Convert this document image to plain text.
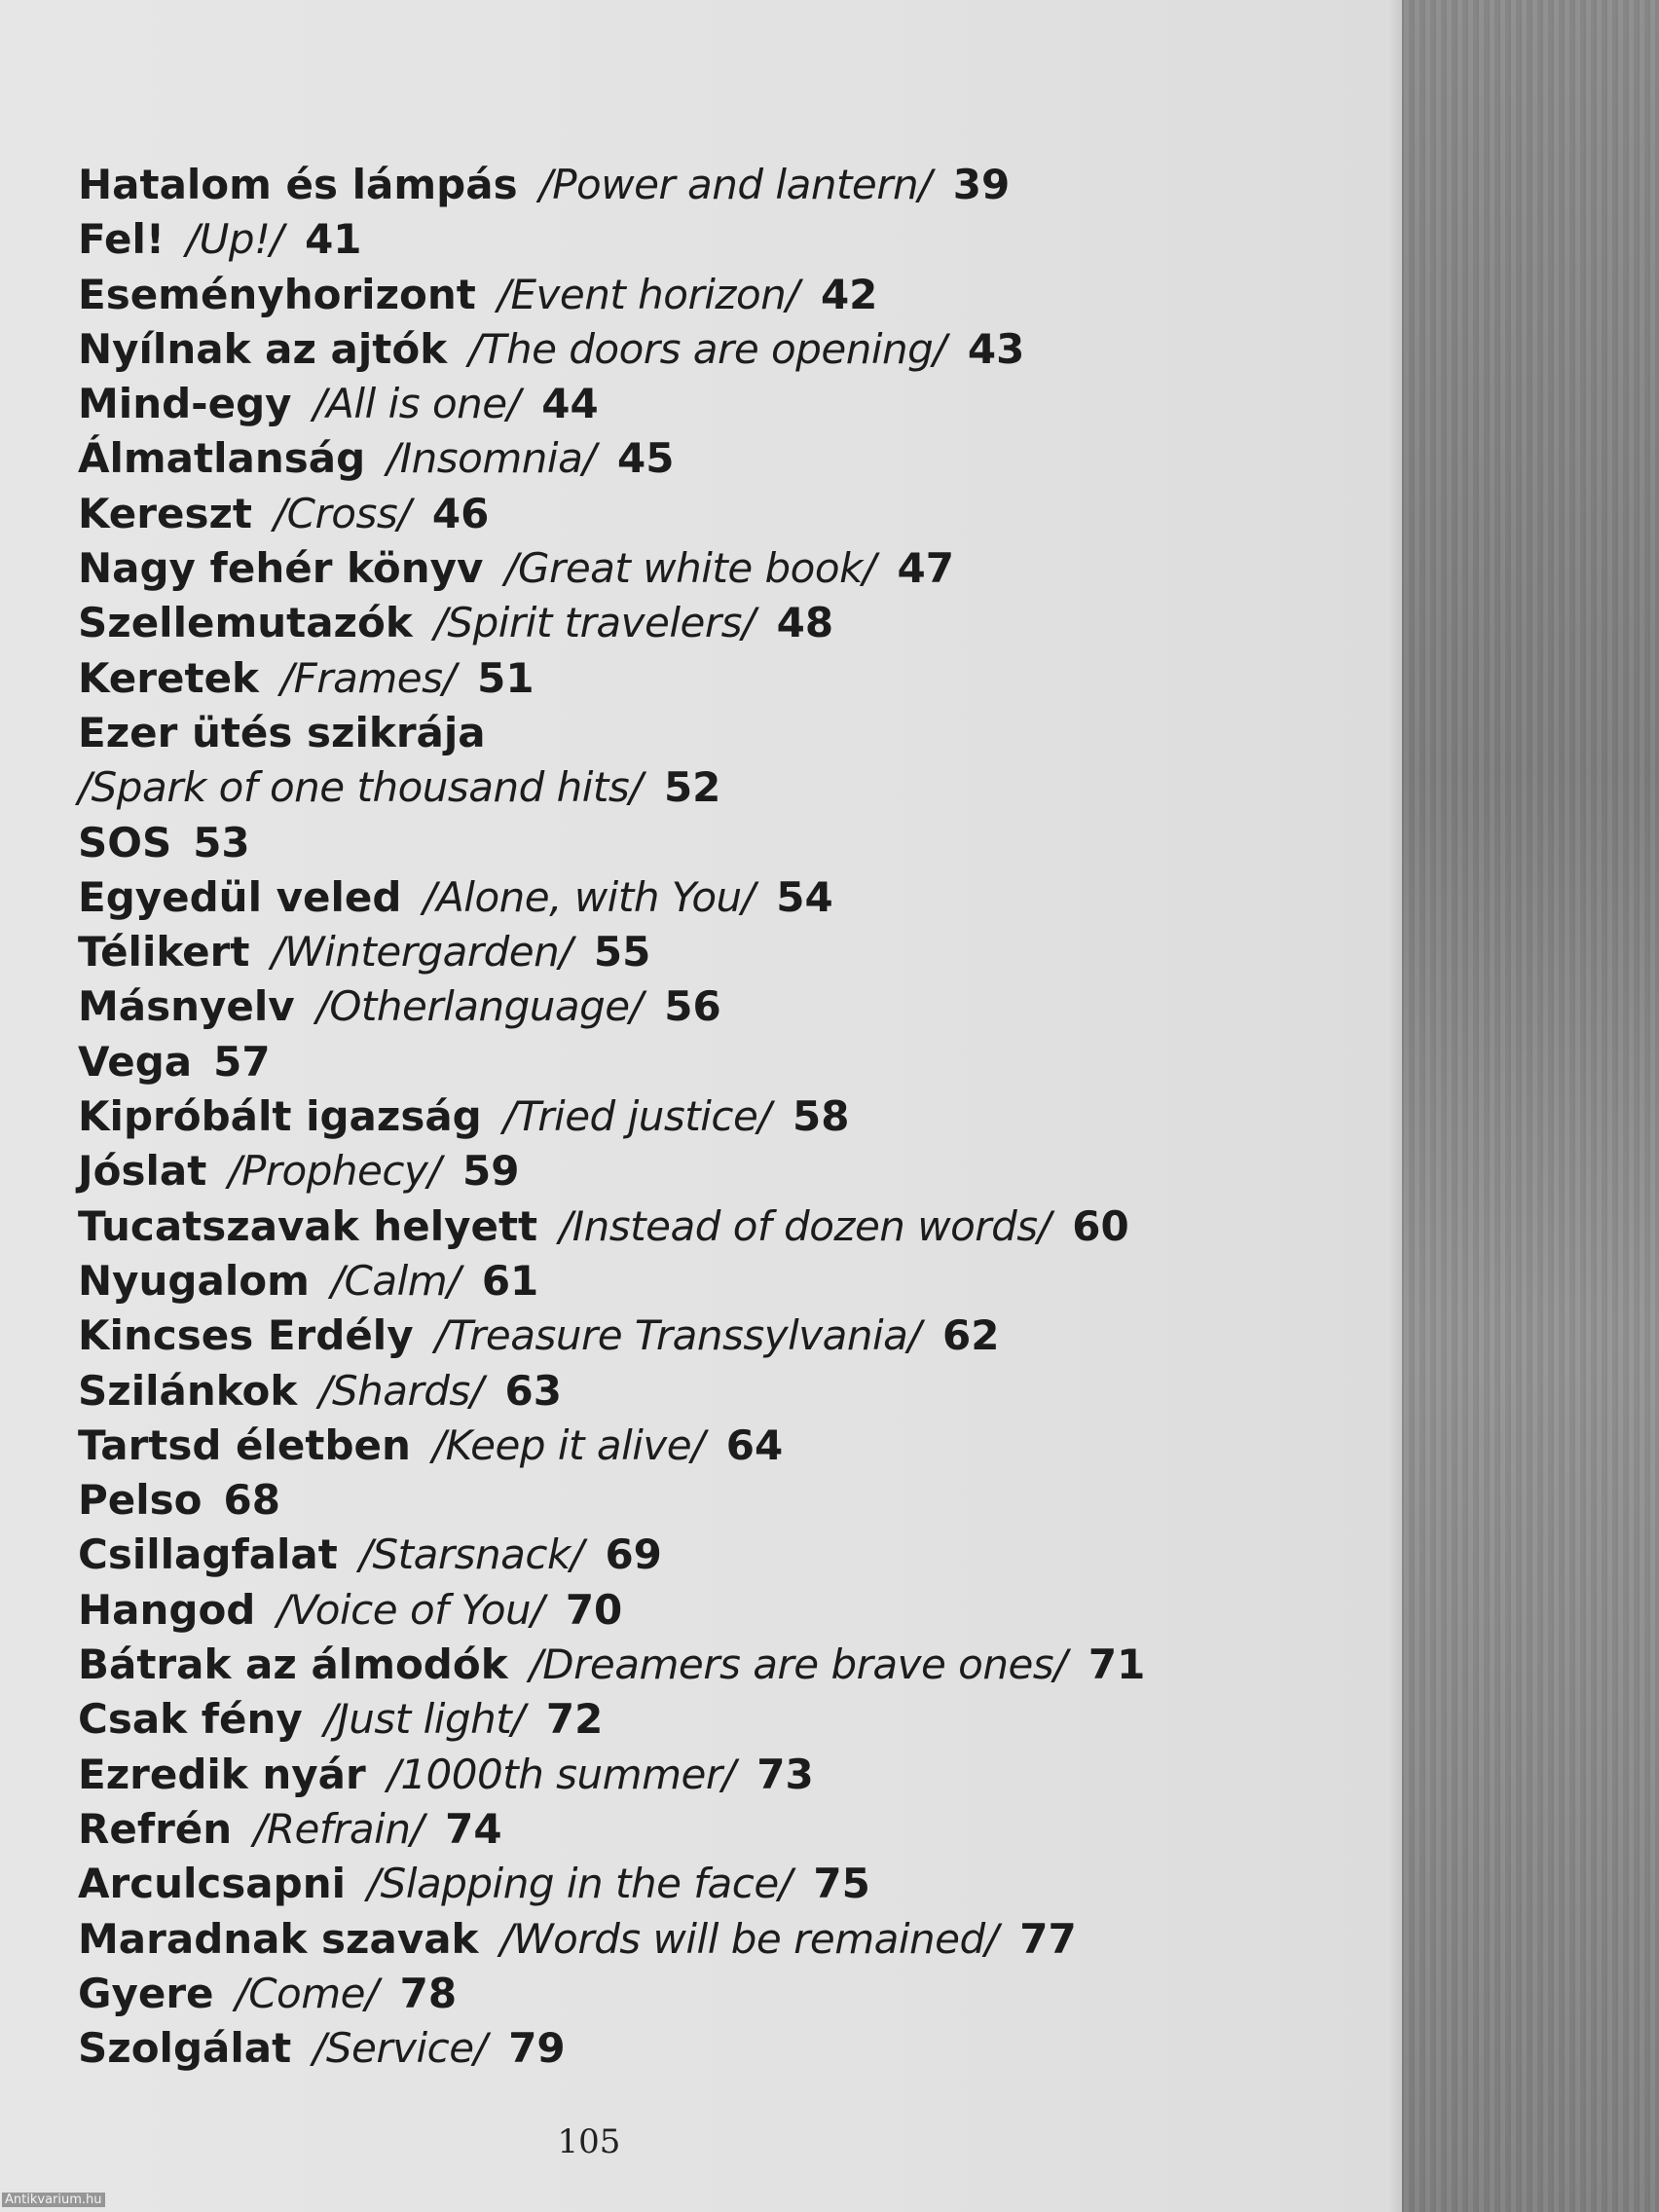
Hatalom és lámpás /Power and lantern/ 39
Fel! /Up!/ 41
Eseményhorizont /Event horizon/ 42
Nyílnak az ajtók /The doors are opening/ 43
Mind-egy /All is one/ 44
Álmatlanság /Insomnia/ 45
Kereszt /Cross/ 46
Nagy fehér könyv /Great white book/ 47
Szellemutazók /Spirit travelers/ 48
Keretek /Frames/ 51
Ezer ütés szikrája
/Spark of one thousand hits/ 52
SOS 53
Egyedül veled /Alone, with You/ 54
Télikert /Wintergarden/ 55
Másnyelv /Otherlanguage/ 56
Vega 57
Kipróbált igazság /Tried justice/ 58
Jóslat /Prophecy/ 59
Tucatszavak helyett /Instead of dozen words/ 60
Nyugalom /Calm/ 61
Kincses Erdély /Treasure Transsylvania/ 62
Szilánkok /Shards/ 63
Tartsd életben /Keep it alive/ 64
Pelso 68
Csillagfalat /Starsnack/ 69
Hangod /Voice of You/ 70
Bátrak az álmodók /Dreamers are brave ones/ 71
Csak fény /Just light/ 72
Ezredik nyár /1000th summer/ 73
Refrén /Refrain/ 74
Arculcsapni /Slapping in the face/ 75
Maradnak szavak /Words will be remained/ 77
Gyere /Come/ 78
Szolgálat /Service/ 79
105
Antikvarium.hu
